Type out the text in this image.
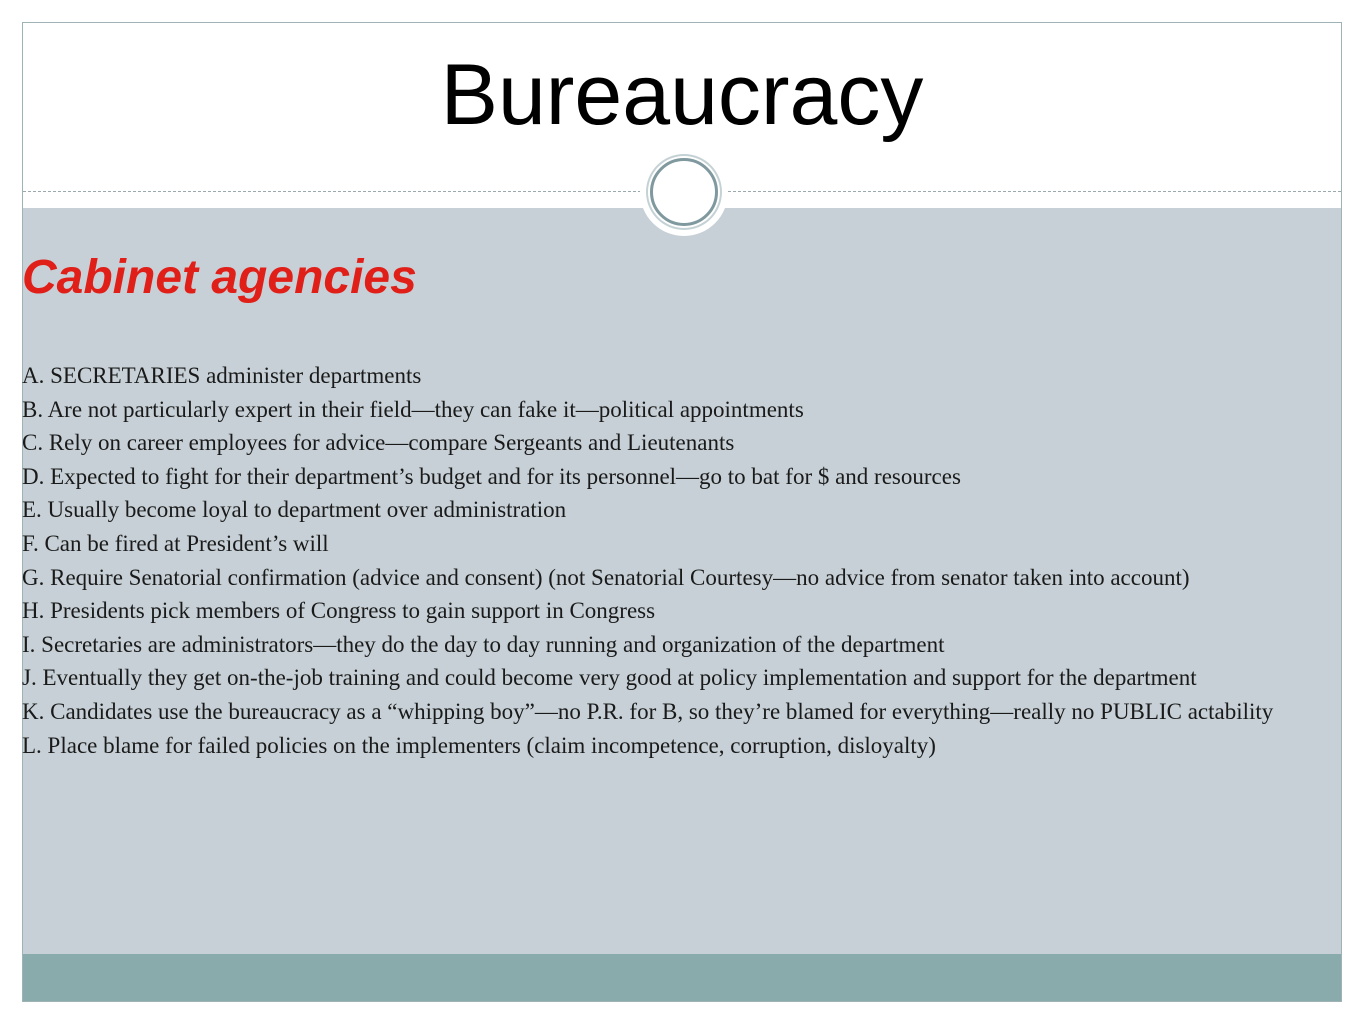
Bureaucracy
Cabinet agencies
A. SECRETARIES administer departments
B. Are not particularly expert in their field—they can fake it—political appointments
C. Rely on career employees for advice—compare Sergeants and Lieutenants
D. Expected to fight for their department’s budget and for its personnel—go to bat for $ and resources
E. Usually become loyal to department over administration
F. Can be fired at President’s will
G. Require Senatorial confirmation (advice and consent) (not Senatorial Courtesy—no advice from senator taken into account)
H. Presidents pick members of Congress to gain support in Congress
I. Secretaries are administrators—they do the day to day running and organization of the department
J. Eventually they get on-the-job training and could become very good at policy implementation and support for the department
K. Candidates use the bureaucracy as a “whipping boy”—no P.R. for B, so they’re blamed for everything—really no PUBLIC actability
L. Place blame for failed policies on the implementers (claim incompetence, corruption, disloyalty)
